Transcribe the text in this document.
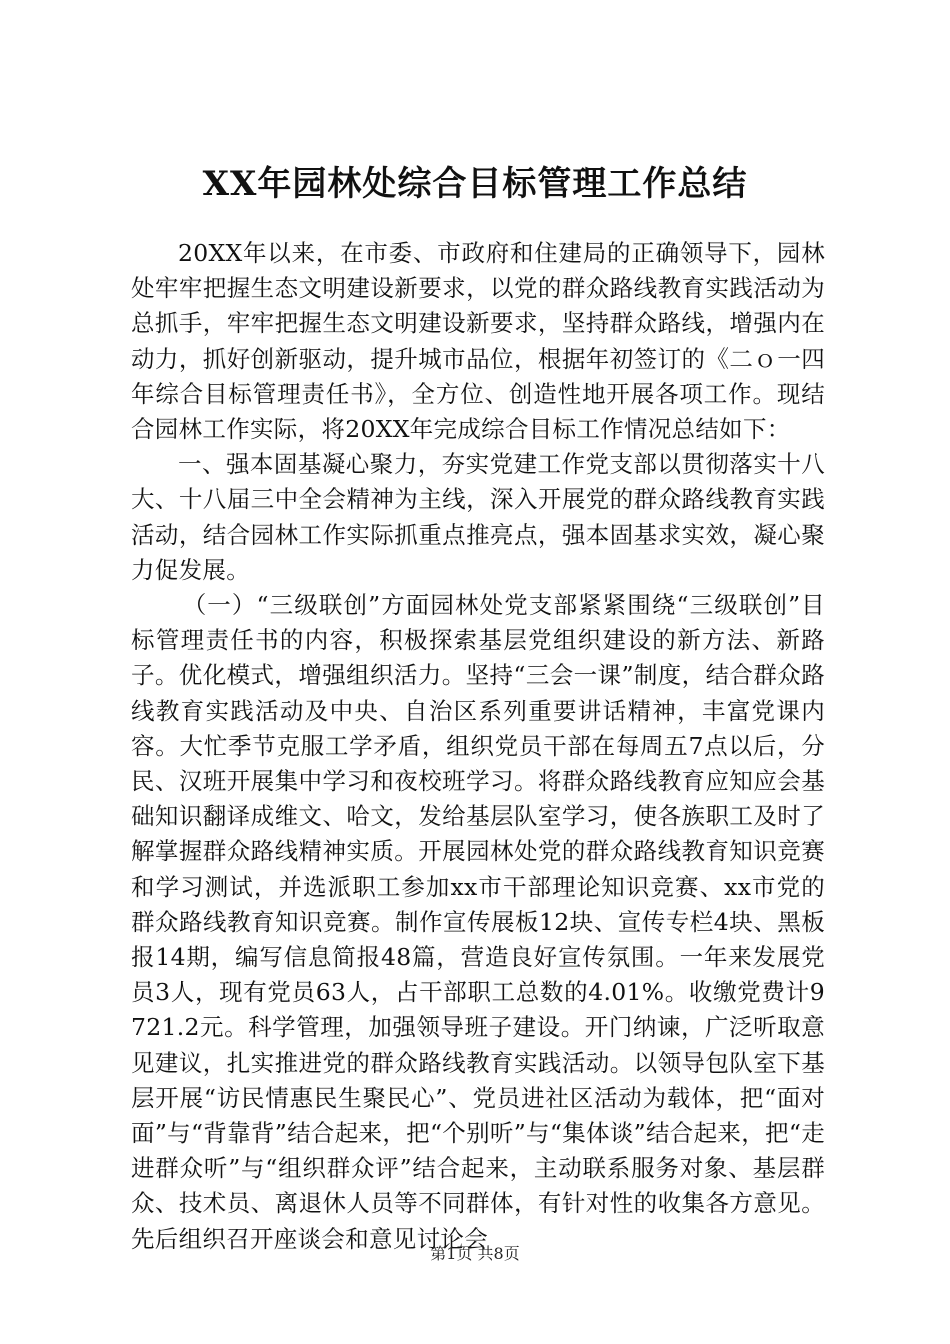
XX年园林处综合目标管理工作总结

20XX年以来，在市委、市政府和住建局的正确领导下，园林处牢牢把握生态文明建设新要求，以党的群众路线教育实践活动为总抓手，牢牢把握生态文明建设新要求，坚持群众路线，增强内在动力，抓好创新驱动，提升城市品位，根据年初签订的《二ｏ一四年综合目标管理责任书》，全方位、创造性地开展各项工作。现结合园林工作实际，将20XX年完成综合目标工作情况总结如下：

一、强本固基凝心聚力，夯实党建工作党支部以贯彻落实十八大、十八届三中全会精神为主线，深入开展党的群众路线教育实践活动，结合园林工作实际抓重点推亮点，强本固基求实效，凝心聚力促发展。

（一）“三级联创”方面园林处党支部紧紧围绕“三级联创”目标管理责任书的内容，积极探索基层党组织建设的新方法、新路子。优化模式，增强组织活力。坚持“三会一课”制度，结合群众路线教育实践活动及中央、自治区系列重要讲话精神，丰富党课内容。大忙季节克服工学矛盾，组织党员干部在每周五7点以后，分民、汉班开展集中学习和夜校班学习。将群众路线教育应知应会基础知识翻译成维文、哈文，发给基层队室学习，使各族职工及时了解掌握群众路线精神实质。开展园林处党的群众路线教育知识竞赛和学习测试，并选派职工参加xx市干部理论知识竞赛、xx市党的群众路线教育知识竞赛。制作宣传展板12块、宣传专栏4块、黑板报14期，编写信息简报48篇，营造良好宣传氛围。一年来发展党员3人，现有党员63人，占干部职工总数的4.01%。收缴党费计9721.2元。科学管理，加强领导班子建设。开门纳谏，广泛听取意见建议，扎实推进党的群众路线教育实践活动。以领导包队室下基层开展“访民情惠民生聚民心”、党员进社区活动为载体，把“面对面”与“背靠背”结合起来，把“个别听”与“集体谈”结合起来，把“走进群众听”与“组织群众评”结合起来，主动联系服务对象、基层群众、技术员、离退休人员等不同群体，有针对性的收集各方意见。先后组织召开座谈会和意见讨论会

第1页 共8页
